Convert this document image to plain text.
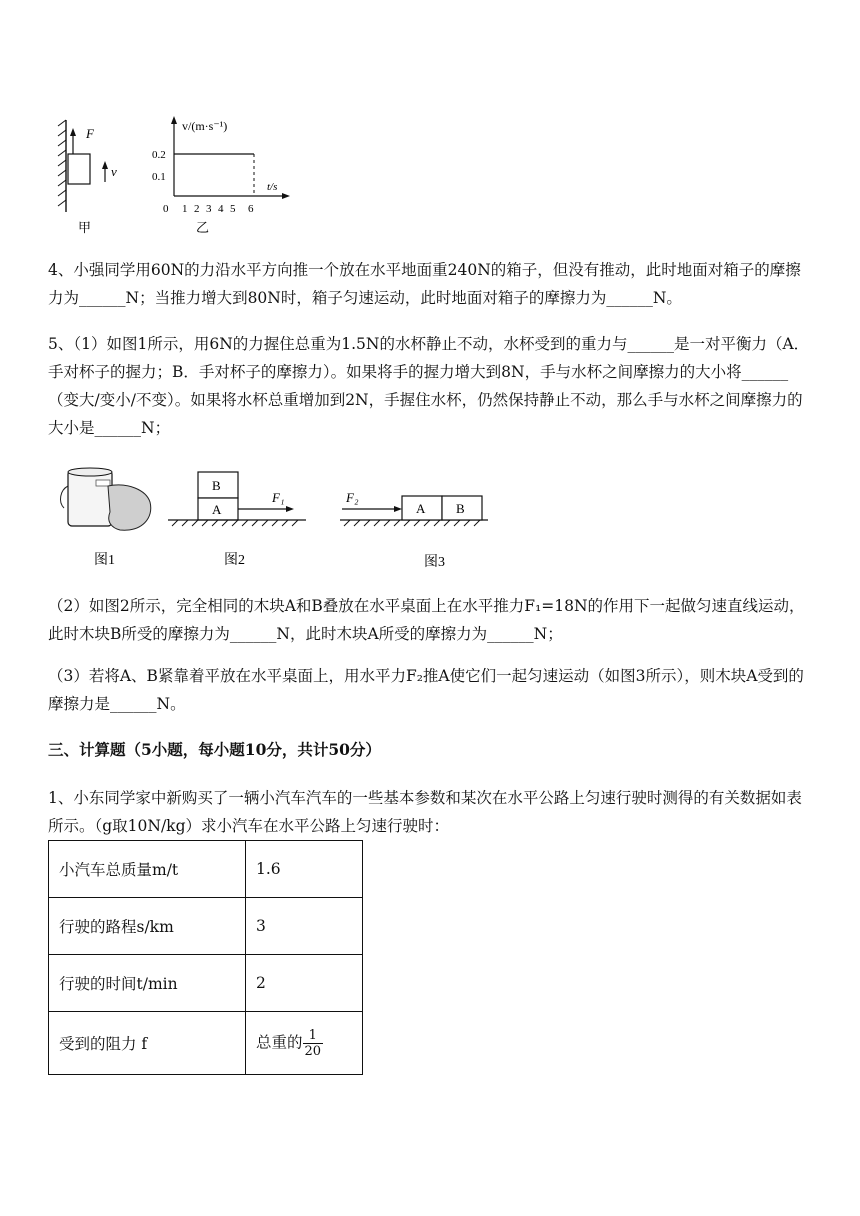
F
v
甲
v/(m·s⁻¹)
t/s
0.2
0.1
0 1 2 3 4 5 6
乙
4、小强同学用60N的力沿水平方向推一个放在水平地面重240N的箱子，但没有推动，此时地面对箱子的摩擦力为______N；当推力增大到80N时，箱子匀速运动，此时地面对箱子的摩擦力为______N。
5、（1）如图1所示，用6N的力握住总重为1.5N的水杯静止不动，水杯受到的重力与______是一对平衡力（A．手对杯子的握力；B．手对杯子的摩擦力）。如果将手的握力增大到8N，手与水杯之间摩擦力的大小将______（变大/变小/不变）。如果将水杯总重增加到2N，手握住水杯，仍然保持静止不动，那么手与水杯之间摩擦力的大小是______N；
图1
B
A
F₁
图2
A B
F₂
图3
（2）如图2所示，完全相同的木块A和B叠放在水平桌面上在水平推力F₁=18N的作用下一起做匀速直线运动，此时木块B所受的摩擦力为______N，此时木块A所受的摩擦力为______N；
（3）若将A、B紧靠着平放在水平桌面上，用水平力F₂推A使它们一起匀速运动（如图3所示），则木块A受到的摩擦力是______N。
三、计算题（5小题，每小题10分，共计50分）
1、小东同学家中新购买了一辆小汽车汽车的一些基本参数和某次在水平公路上匀速行驶时测得的有关数据如表所示。（g取10N/kg）求小汽车在水平公路上匀速行驶时：
小汽车总质量m/t	1.6
行驶的路程s/km	3
行驶的时间t/min	2
受到的阻力 f	总重的 $\frac{1}{20}$
